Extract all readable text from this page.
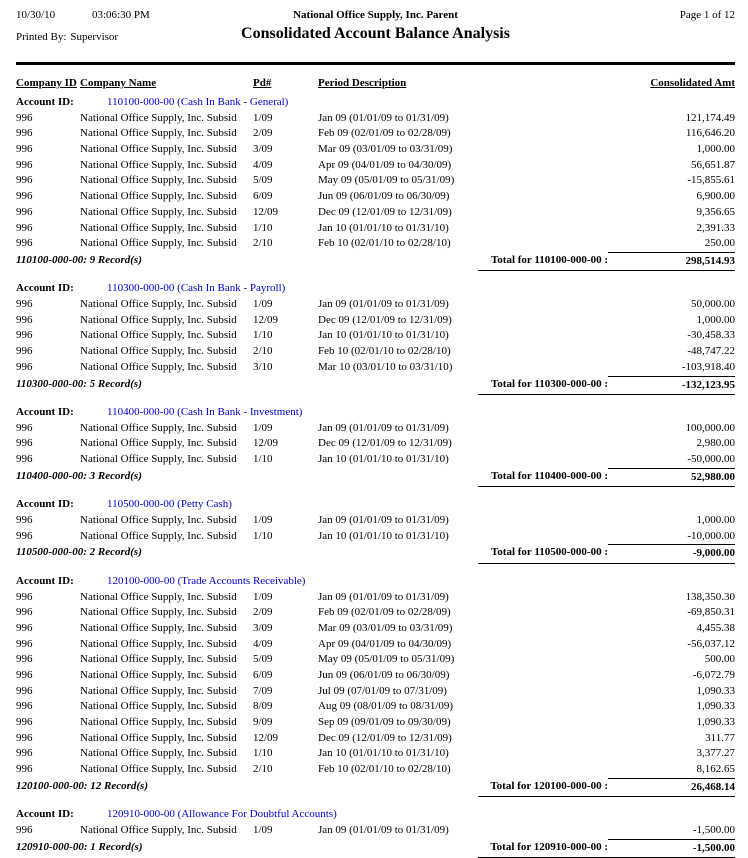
10/30/10	03:06:30 PM	National Office Supply, Inc. Parent	Page 1 of 12
Printed By: Supervisor	Consolidated Account Balance Analysis
Company ID Company Name	Pd#	Period Description	Consolidated Amt
Account ID:	110100-000-00 (Cash In Bank - General)
996	National Office Supply, Inc. Subsid	1/09	Jan 09 (01/01/09 to 01/31/09)	121,174.49
996	National Office Supply, Inc. Subsid	2/09	Feb 09 (02/01/09 to 02/28/09)	116,646.20
996	National Office Supply, Inc. Subsid	3/09	Mar 09 (03/01/09 to 03/31/09)	1,000.00
996	National Office Supply, Inc. Subsid	4/09	Apr 09 (04/01/09 to 04/30/09)	56,651.87
996	National Office Supply, Inc. Subsid	5/09	May 09 (05/01/09 to 05/31/09)	-15,855.61
996	National Office Supply, Inc. Subsid	6/09	Jun 09 (06/01/09 to 06/30/09)	6,900.00
996	National Office Supply, Inc. Subsid	12/09	Dec 09 (12/01/09 to 12/31/09)	9,356.65
996	National Office Supply, Inc. Subsid	1/10	Jan 10 (01/01/10 to 01/31/10)	2,391.33
996	National Office Supply, Inc. Subsid	2/10	Feb 10 (02/01/10 to 02/28/10)	250.00
110100-000-00: 9 Record(s)	Total for 110100-000-00 :	298,514.93
Account ID:	110300-000-00 (Cash In Bank - Payroll)
996	National Office Supply, Inc. Subsid	1/09	Jan 09 (01/01/09 to 01/31/09)	50,000.00
996	National Office Supply, Inc. Subsid	12/09	Dec 09 (12/01/09 to 12/31/09)	1,000.00
996	National Office Supply, Inc. Subsid	1/10	Jan 10 (01/01/10 to 01/31/10)	-30,458.33
996	National Office Supply, Inc. Subsid	2/10	Feb 10 (02/01/10 to 02/28/10)	-48,747.22
996	National Office Supply, Inc. Subsid	3/10	Mar 10 (03/01/10 to 03/31/10)	-103,918.40
110300-000-00: 5 Record(s)	Total for 110300-000-00 :	-132,123.95
Account ID:	110400-000-00 (Cash In Bank - Investment)
996	National Office Supply, Inc. Subsid	1/09	Jan 09 (01/01/09 to 01/31/09)	100,000.00
996	National Office Supply, Inc. Subsid	12/09	Dec 09 (12/01/09 to 12/31/09)	2,980.00
996	National Office Supply, Inc. Subsid	1/10	Jan 10 (01/01/10 to 01/31/10)	-50,000.00
110400-000-00: 3 Record(s)	Total for 110400-000-00 :	52,980.00
Account ID:	110500-000-00 (Petty Cash)
996	National Office Supply, Inc. Subsid	1/09	Jan 09 (01/01/09 to 01/31/09)	1,000.00
996	National Office Supply, Inc. Subsid	1/10	Jan 10 (01/01/10 to 01/31/10)	-10,000.00
110500-000-00: 2 Record(s)	Total for 110500-000-00 :	-9,000.00
Account ID:	120100-000-00 (Trade Accounts Receivable)
996	National Office Supply, Inc. Subsid	1/09	Jan 09 (01/01/09 to 01/31/09)	138,350.30
996	National Office Supply, Inc. Subsid	2/09	Feb 09 (02/01/09 to 02/28/09)	-69,850.31
996	National Office Supply, Inc. Subsid	3/09	Mar 09 (03/01/09 to 03/31/09)	4,455.38
996	National Office Supply, Inc. Subsid	4/09	Apr 09 (04/01/09 to 04/30/09)	-56,037.12
996	National Office Supply, Inc. Subsid	5/09	May 09 (05/01/09 to 05/31/09)	500.00
996	National Office Supply, Inc. Subsid	6/09	Jun 09 (06/01/09 to 06/30/09)	-6,072.79
996	National Office Supply, Inc. Subsid	7/09	Jul 09 (07/01/09 to 07/31/09)	1,090.33
996	National Office Supply, Inc. Subsid	8/09	Aug 09 (08/01/09 to 08/31/09)	1,090.33
996	National Office Supply, Inc. Subsid	9/09	Sep 09 (09/01/09 to 09/30/09)	1,090.33
996	National Office Supply, Inc. Subsid	12/09	Dec 09 (12/01/09 to 12/31/09)	311.77
996	National Office Supply, Inc. Subsid	1/10	Jan 10 (01/01/10 to 01/31/10)	3,377.27
996	National Office Supply, Inc. Subsid	2/10	Feb 10 (02/01/10 to 02/28/10)	8,162.65
120100-000-00: 12 Record(s)	Total for 120100-000-00 :	26,468.14
Account ID:	120910-000-00 (Allowance For Doubtful Accounts)
996	National Office Supply, Inc. Subsid	1/09	Jan 09 (01/01/09 to 01/31/09)	-1,500.00
120910-000-00: 1 Record(s)	Total for 120910-000-00 :	-1,500.00
